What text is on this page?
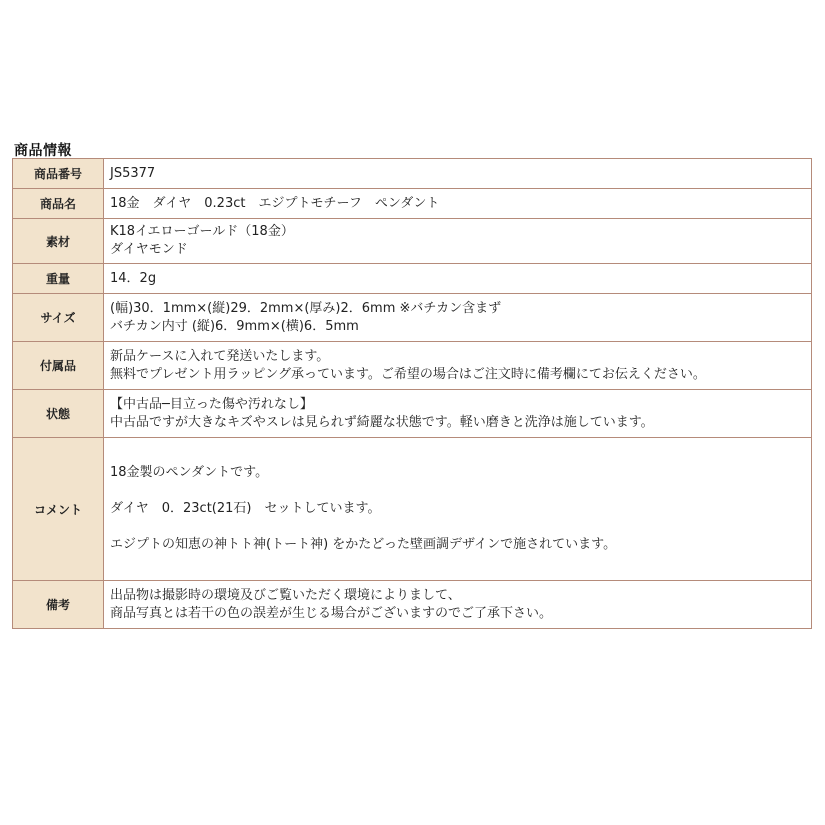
商品情報
商品番号	JS5377

商品名	18金　ダイヤ　0.23ct　エジプトモチーフ　ペンダント

素材	K18イエローゴールド（18金）
ダイヤモンド

重量	14．2g

サイズ	(幅)30．1mm×(縦)29．2mm×(厚み)2．6mm ※バチカン含まず
バチカン内寸 (縦)6．9mm×(横)6．5mm

付属品	新品ケースに入れて発送いたします。
無料でプレゼント用ラッピング承っています。ご希望の場合はご注文時に備考欄にてお伝えください。

状態	【中古品─目立った傷や汚れなし】
中古品ですが大きなキズやスレは見られず綺麗な状態です。軽い磨きと洗浄は施しています。

コメント	18金製のペンダントです。
ダイヤ　0．23ct(21石)　セットしています。
エジプトの知恵の神トト神(トート神) をかたどった壁画調デザインで施されています。

備考	出品物は撮影時の環境及びご覧いただく環境によりまして、
商品写真とは若干の色の誤差が生じる場合がございますのでご了承下さい。
